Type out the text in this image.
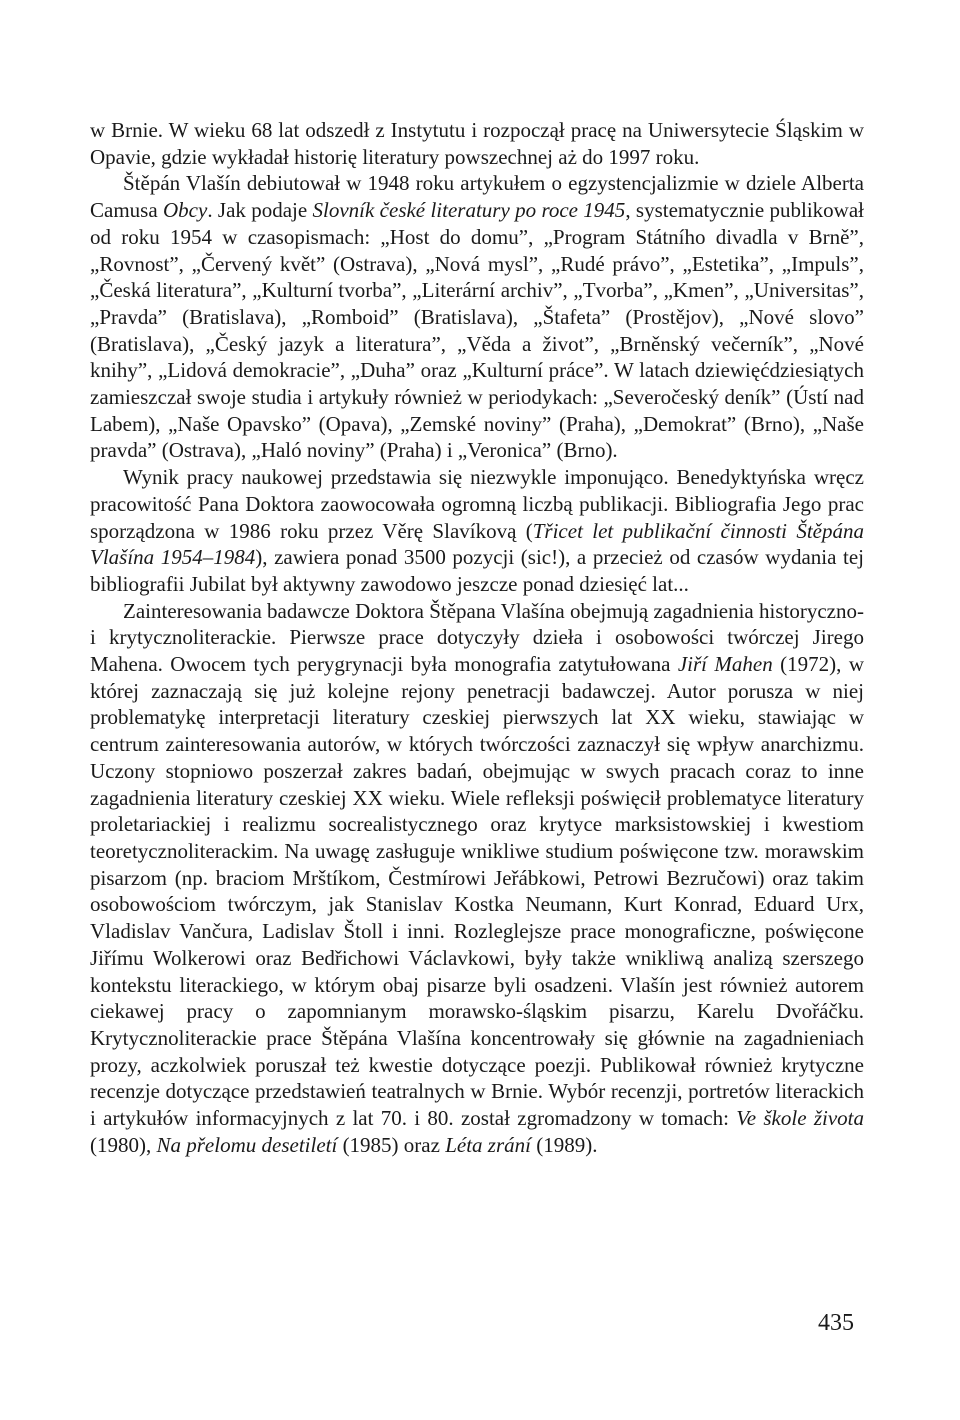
w Brnie. W wieku 68 lat odszedł z Instytutu i rozpoczął pracę na Uniwersytecie Śląskim w Opavie, gdzie wykładał historię literatury powszechnej aż do 1997 roku.

Štěpán Vlašín debiutował w 1948 roku artykułem o egzystencjalizmie w dziele Alberta Camusa Obcy. Jak podaje Slovník české literatury po roce 1945, systematycznie publikował od roku 1954 w czasopismach: „Host do domu”, „Program Státního divadla v Brně”, „Rovnost”, „Červený květ” (Ostrava), „Nová mysl”, „Rudé právo”, „Estetika”, „Impuls”, „Česká literatura”, „Kulturní tvorba”, „Literární archiv”, „Tvorba”, „Kmen”, „Universitas”, „Pravda” (Bratislava), „Romboid” (Bratislava), „Štafeta” (Prostějov), „Nové slovo” (Bratislava), „Český jazyk a literatura”, „Věda a život”, „Brněnský večerník”, „Nové knihy”, „Lidová demokracie”, „Duha” oraz „Kulturní práce”. W latach dziewięćdziesiątych zamieszczał swoje studia i artykuły również w periodykach: „Severočeský deník” (Ústí nad Labem), „Naše Opavsko” (Opava), „Zemské noviny” (Praha), „Demokrat” (Brno), „Naše pravda” (Ostrava), „Haló noviny” (Praha) i „Veronica” (Brno).

Wynik pracy naukowej przedstawia się niezwykle imponująco. Benedyktyńska wręcz pracowitość Pana Doktora zaowocowała ogromną liczbą publikacji. Bibliografia Jego prac sporządzona w 1986 roku przez Věrę Slavíkovą (Třicet let publikační činnosti Štěpána Vlašína 1954–1984), zawiera ponad 3500 pozycji (sic!), a przecież od czasów wydania tej bibliografii Jubilat był aktywny zawodowo jeszcze ponad dziesięć lat...

Zainteresowania badawcze Doktora Štěpana Vlašína obejmują zagadnienia historyczno- i krytycznoliterackie. Pierwsze prace dotyczyły dzieła i osobowości twórczej Jirego Mahena. Owocem tych perygrynacji była monografia zatytułowana Jiří Mahen (1972), w której zaznaczają się już kolejne rejony penetracji badawczej. Autor porusza w niej problematykę interpretacji literatury czeskiej pierwszych lat XX wieku, stawiając w centrum zainteresowania autorów, w których twórczości zaznaczył się wpływ anarchizmu. Uczony stopniowo poszerzał zakres badań, obejmując w swych pracach coraz to inne zagadnienia literatury czeskiej XX wieku. Wiele refleksji poświęcił problematyce literatury proletariackiej i realizmu socrealistycznego oraz krytyce marksistowskiej i kwestiom teoretycznoliterackim. Na uwagę zasługuje wnikliwe studium poświęcone tzw. morawskim pisarzom (np. braciom Mrštíkom, Čestmírowi Jeřábkowi, Petrowi Bezručowi) oraz takim osobowościom twórczym, jak Stanislav Kostka Neumann, Kurt Konrad, Eduard Urx, Vladislav Vančura, Ladislav Štoll i inni. Rozleglejsze prace monograficzne, poświęcone Jiřímu Wolkerowi oraz Bedřichowi Václavkowi, były także wnikliwą analizą szerszego kontekstu literackiego, w którym obaj pisarze byli osadzeni. Vlašín jest również autorem ciekawej pracy o zapomnianym morawsko-śląskim pisarzu, Karelu Dvořáčku. Krytycznoliterackie prace Štěpána Vlašína koncentrowały się głównie na zagadnieniach prozy, aczkolwiek poruszał też kwestie dotyczące poezji. Publikował również krytyczne recenzje dotyczące przedstawień teatralnych w Brnie. Wybór recenzji, portretów literackich i artykułów informacyjnych z lat 70. i 80. został zgromadzony w tomach: Ve škole života (1980), Na přelomu desetiletí (1985) oraz Léta zrání (1989).

435
